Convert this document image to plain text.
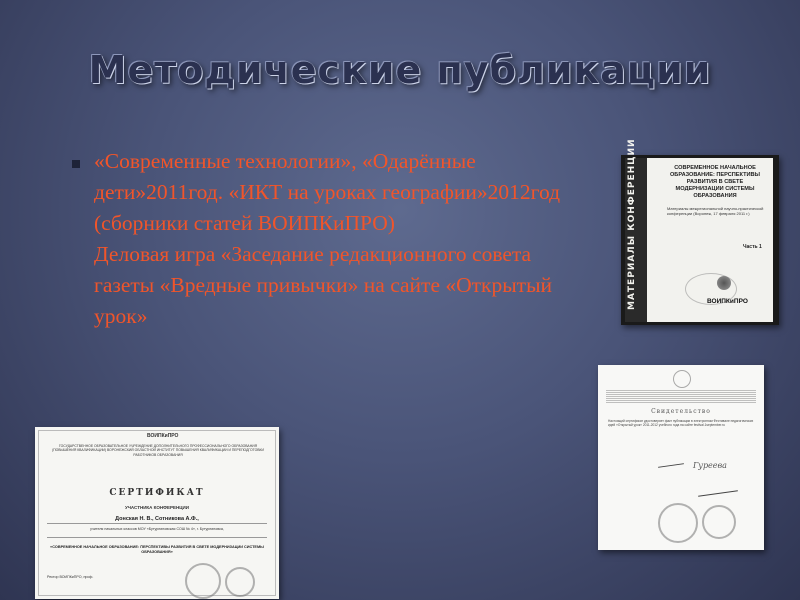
Методические публикации

«Современные технологии», «Одарённые дети»2011год. «ИКТ на уроках географии»2012год (сборники статей ВОИПКиПРО)

Деловая игра «Заседание редакционного совета газеты «Вредные привычки» на сайте «Открытый урок»

МАТЕРИАЛЫ КОНФЕРЕНЦИИ	СОВРЕМЕННОЕ НАЧАЛЬНОЕ ОБРАЗОВАНИЕ: ПЕРСПЕКТИВЫ РАЗВИТИЯ В СВЕТЕ МОДЕРНИЗАЦИИ СИСТЕМЫ ОБРАЗОВАНИЯ
Материалы межрегиональной научно-практической конференции (Воронеж, 17 февраля 2011 г.)
Часть 1
ВОИПКиПРО
ВОИПКиПРО
ГОСУДАРСТВЕННОЕ ОБРАЗОВАТЕЛЬНОЕ УЧРЕЖДЕНИЕ ДОПОЛНИТЕЛЬНОГО ПРОФЕССИОНАЛЬНОГО ОБРАЗОВАНИЯ (ПОВЫШЕНИЯ КВАЛИФИКАЦИИ) ВОРОНЕЖСКИЙ ОБЛАСТНОЙ ИНСТИТУТ ПОВЫШЕНИЯ КВАЛИФИКАЦИИ И ПЕРЕПОДГОТОВКИ РАБОТНИКОВ ОБРАЗОВАНИЯ
СЕРТИФИКАТ
УЧАСТНИКА КОНФЕРЕНЦИИ
Донская Н. В., Сотникова А.Ф.,
учителя начальных классов МОУ «Бутурлиновская СОШ № 4», г. Бутурлиновка,
«СОВРЕМЕННОЕ НАЧАЛЬНОЕ ОБРАЗОВАНИЕ: ПЕРСПЕКТИВЫ РАЗВИТИЯ В СВЕТЕ МОДЕРНИЗАЦИИ СИСТЕМЫ ОБРАЗОВАНИЯ»
Ректор ВОИПКиПРО, проф.
Свидетельство
Настоящий сертификат удостоверяет факт публикации в электронном Фестивале педагогических идей «Открытый урок» 2011-2012 учебного года на сайте festival.1september.ru
Гуреева
